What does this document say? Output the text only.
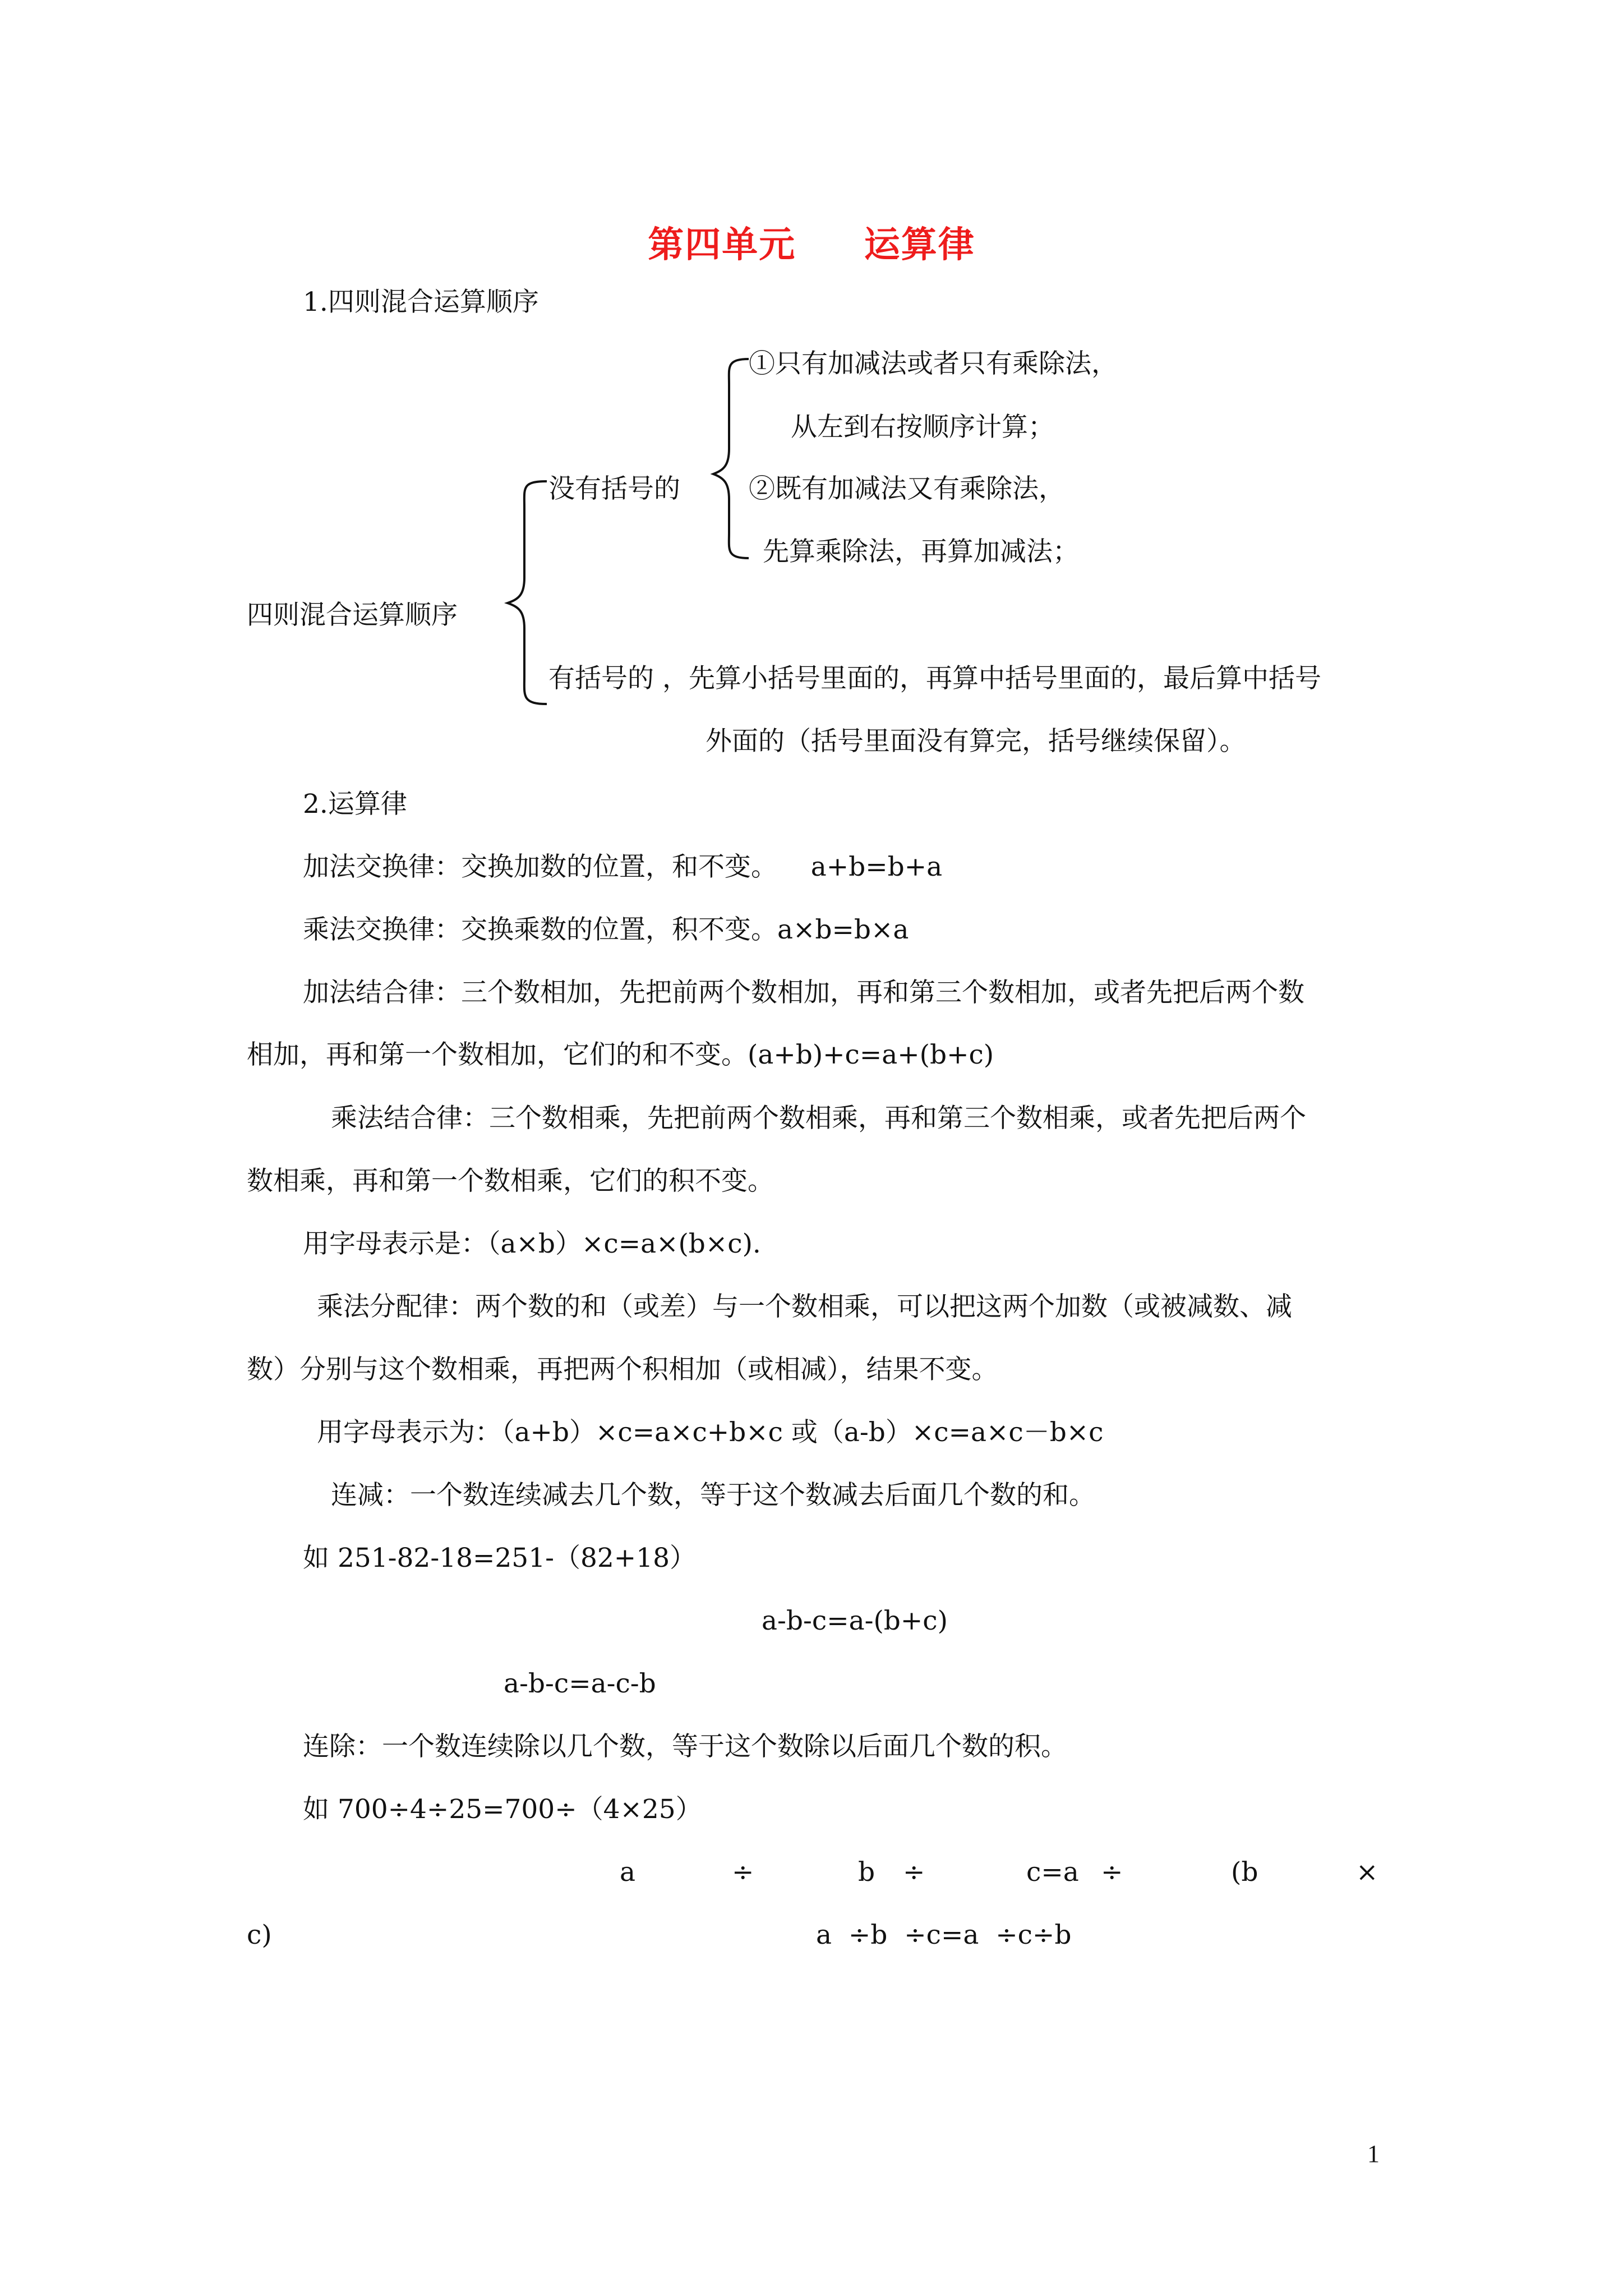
第四单元     运算律
1.四则混合运算顺序
四则混合运算顺序
没有括号的
①只有加减法或者只有乘除法，
从左到右按顺序计算；
②既有加减法又有乘除法，
先算乘除法，再算加减法；
有括号的 ，先算小括号里面的，再算中括号里面的，最后算中括号
外面的（括号里面没有算完，括号继续保留）。
2.运算律
加法交换律：交换加数的位置，和不变。    a+b=b+a
乘法交换律：交换乘数的位置，积不变。a×b=b×a
加法结合律：三个数相加，先把前两个数相加，再和第三个数相加，或者先把后两个数
相加，再和第一个数相加，它们的和不变。(a+b)+c=a+(b+c)
乘法结合律：三个数相乘，先把前两个数相乘，再和第三个数相乘，或者先把后两个
数相乘，再和第一个数相乘，它们的积不变。
用字母表示是：（a×b）×c=a×(b×c).
乘法分配律：两个数的和（或差）与一个数相乘，可以把这两个加数（或被减数、减
数）分别与这个数相乘，再把两个积相加（或相减），结果不变。
用字母表示为：（a+b）×c=a×c+b×c 或（a-b）×c=a×c－b×c
连减：一个数连续减去几个数，等于这个数减去后面几个数的和。
如 251-82-18=251-（82+18）
a-b-c=a-(b+c)
a-b-c=a-c-b
连除：一个数连续除以几个数，等于这个数除以后面几个数的积。
如 700÷4÷25=700÷（4×25）
a	÷	b ÷	c=a ÷	(b	×
c)	a  ÷b  ÷c=a  ÷c÷b
1
